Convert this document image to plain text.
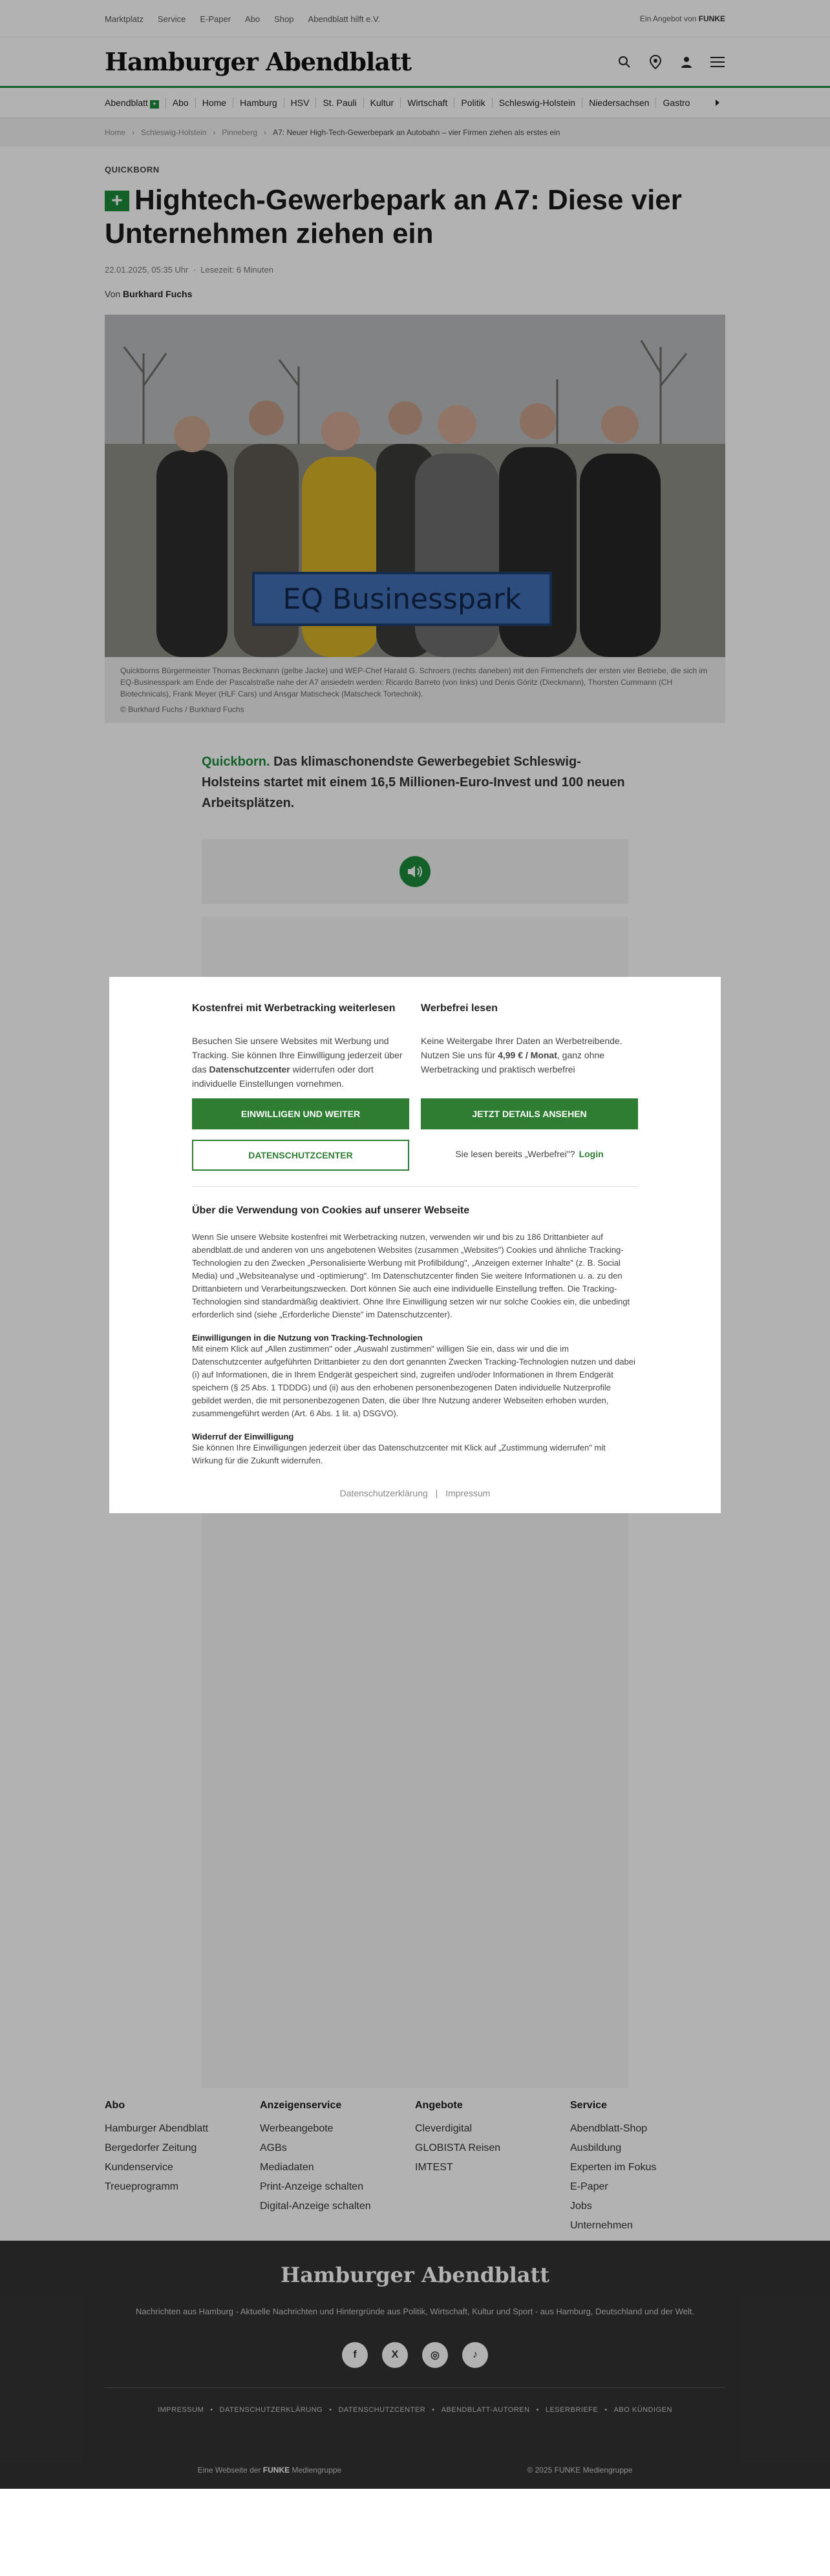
Marktplatz Service E-Paper Abo Shop Abendblatt hilft e.V.	Ein Angebot von FUNKE
Hamburger Abendblatt
Abendblatt +	Abo	Home	Hamburg	HSV	St. Pauli	Kultur	Wirtschaft	Politik	Schleswig-Holstein	Niedersachsen	Gastro
Home › Schleswig-Holstein › Pinneberg › A7: Neuer High-Tech-Gewerbepark an Autobahn – vier Firmen ziehen als erstes ein
QUICKBORN
+ Hightech-Gewerbepark an A7: Diese vier Unternehmen ziehen ein
22.01.2025, 05:35 Uhr  ·  Lesezeit: 6 Minuten
Von Burkhard Fuchs
EQ Businesspark
Quickborns Bürgermeister Thomas Beckmann (gelbe Jacke) und WEP-Chef Harald G. Schroers (rechts daneben) mit den Firmenchefs der ersten vier Betriebe, die sich im EQ-Businesspark am Ende der Pascalstraße nahe der A7 ansiedeln werden: Ricardo Barreto (von links) und Denis Göritz (Dieckmann), Thorsten Cummann (CH Biotechnicals), Frank Meyer (HLF Cars) und Ansgar Matischeck (Matscheck Tortechnik).
© Burkhard Fuchs / Burkhard Fuchs
Quickborn. Das klimaschonendste Gewerbegebiet Schleswig-Holsteins startet mit einem 16,5 Millionen-Euro-Invest und 100 neuen Arbeitsplätzen.
Abo
Hamburger Abendblatt
Bergedorfer Zeitung
Kundenservice
Treueprogramm
Anzeigenservice
Werbeangebote
AGBs
Mediadaten
Print-Anzeige schalten
Digital-Anzeige schalten
Angebote
Cleverdigital
GLOBISTA Reisen
IMTEST
Service
Abendblatt-Shop
Ausbildung
Experten im Fokus
E-Paper
Jobs
Unternehmen
Hamburger Abendblatt
Nachrichten aus Hamburg - Aktuelle Nachrichten und Hintergründe aus Politik, Wirtschaft, Kultur und Sport - aus Hamburg, Deutschland und der Welt.
f	X	◎	♪
IMPRESSUM • DATENSCHUTZERKLÄRUNG • DATENSCHUTZCENTER • ABENDBLATT-AUTOREN • LESERBRIEFE • ABO KÜNDIGEN
Eine Webseite der FUNKE Mediengruppe	© 2025 FUNKE Mediengruppe
Kostenfrei mit Werbetracking weiterlesen

Besuchen Sie unsere Websites mit Werbung und Tracking. Sie können Ihre Einwilligung jederzeit über das Datenschutzcenter widerrufen oder dort individuelle Einstellungen vornehmen.

EINWILLIGEN UND WEITER
DATENSCHUTZCENTER
Werbefrei lesen

Keine Weitergabe Ihrer Daten an Werbetreibende. Nutzen Sie uns für 4,99 € / Monat, ganz ohne Werbetracking und praktisch werbefrei

JETZT DETAILS ANSEHEN
Sie lesen bereits „Werbefrei"? Login
Über die Verwendung von Cookies auf unserer Webseite
Wenn Sie unsere Website kostenfrei mit Werbetracking nutzen, verwenden wir und bis zu 186 Drittanbieter auf abendblatt.de und anderen von uns angebotenen Websites (zusammen „Websites") Cookies und ähnliche Tracking-Technologien zu den Zwecken „Personalisierte Werbung mit Profilbildung", „Anzeigen externer Inhalte" (z. B. Social Media) und „Websiteanalyse und -optimierung". Im Datenschutzcenter finden Sie weitere Informationen u. a. zu den Drittanbietern und Verarbeitungszwecken. Dort können Sie auch eine individuelle Einstellung treffen. Die Tracking-Technologien sind standardmäßig deaktiviert. Ohne Ihre Einwilligung setzen wir nur solche Cookies ein, die unbedingt erforderlich sind (siehe „Erforderliche Dienste" im Datenschutzcenter).
Einwilligungen in die Nutzung von Tracking-Technologien
Mit einem Klick auf „Allen zustimmen" oder „Auswahl zustimmen" willigen Sie ein, dass wir und die im Datenschutzcenter aufgeführten Drittanbieter zu den dort genannten Zwecken Tracking-Technologien nutzen und dabei (i) auf Informationen, die in Ihrem Endgerät gespeichert sind, zugreifen und/oder Informationen in Ihrem Endgerät speichern (§ 25 Abs. 1 TDDDG) und (ii) aus den erhobenen personenbezogenen Daten individuelle Nutzerprofile gebildet werden, die mit personenbezogenen Daten, die über Ihre Nutzung anderer Webseiten erhoben wurden, zusammengeführt werden (Art. 6 Abs. 1 lit. a) DSGVO).
Widerruf der Einwilligung
Sie können Ihre Einwilligungen jederzeit über das Datenschutzcenter mit Klick auf „Zustimmung widerrufen" mit Wirkung für die Zukunft widerrufen.
Datenschutzerklärung | Impressum
